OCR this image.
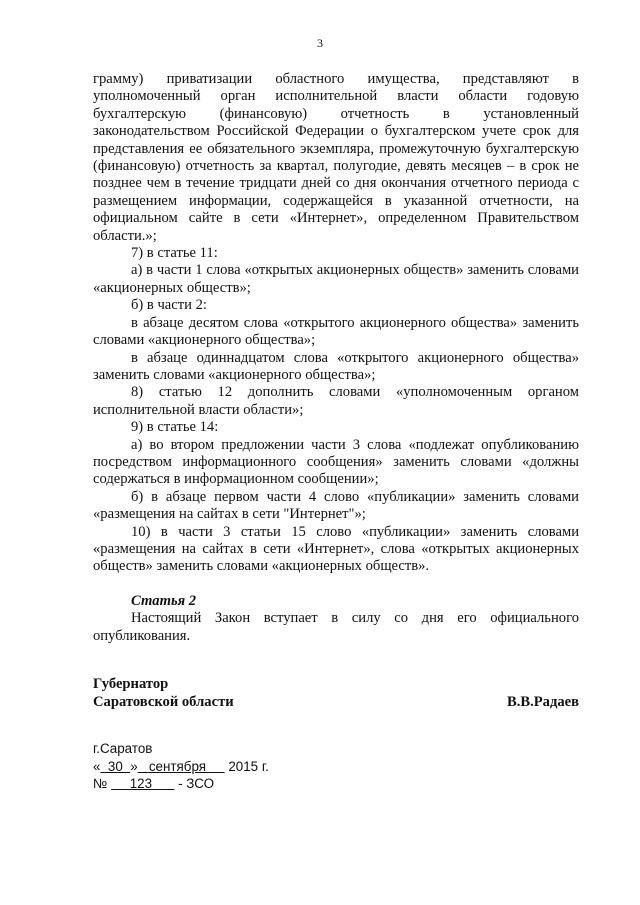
3

грамму) приватизации областного имущества, представляют в уполномоченный орган исполнительной власти области годовую бухгалтерскую (финансовую) отчетность в установленный законодательством Российской Федерации о бухгалтерском учете срок для представления ее обязательного экземпляра, промежуточную бухгалтерскую (финансовую) отчетность за квартал, полугодие, девять месяцев – в срок не позднее чем в течение тридцати дней со дня окончания отчетного периода с размещением информации, содержащейся в указанной отчетности, на официальном сайте в сети «Интернет», определенном Правительством области.»;

7) в статье 11:

а) в части 1 слова «открытых акционерных обществ» заменить словами «акционерных обществ»;

б) в части 2:

в абзаце десятом слова «открытого акционерного общества» заменить словами «акционерного общества»;

в абзаце одиннадцатом слова «открытого акционерного общества» заменить словами «акционерного общества»;

8) статью 12 дополнить словами «уполномоченным органом исполнительной власти области»;

9) в статье 14:

а) во втором предложении части 3 слова «подлежат опубликованию посредством информационного сообщения» заменить словами «должны содержаться в информационном сообщении»;

б) в абзаце первом части 4 слово «публикации» заменить словами «размещения на сайтах в сети "Интернет"»;

10) в части 3 статьи 15 слово «публикации» заменить словами «размещения на сайтах в сети «Интернет», слова «открытых акционерных обществ» заменить словами «акционерных обществ».

Статья 2

Настоящий Закон вступает в силу со дня его официального опубликования.

Губернатор
Саратовской области	В.В.Радаев
г.Саратов
«  30  » сентября 2015 г.
№ 123 - ЗСО
